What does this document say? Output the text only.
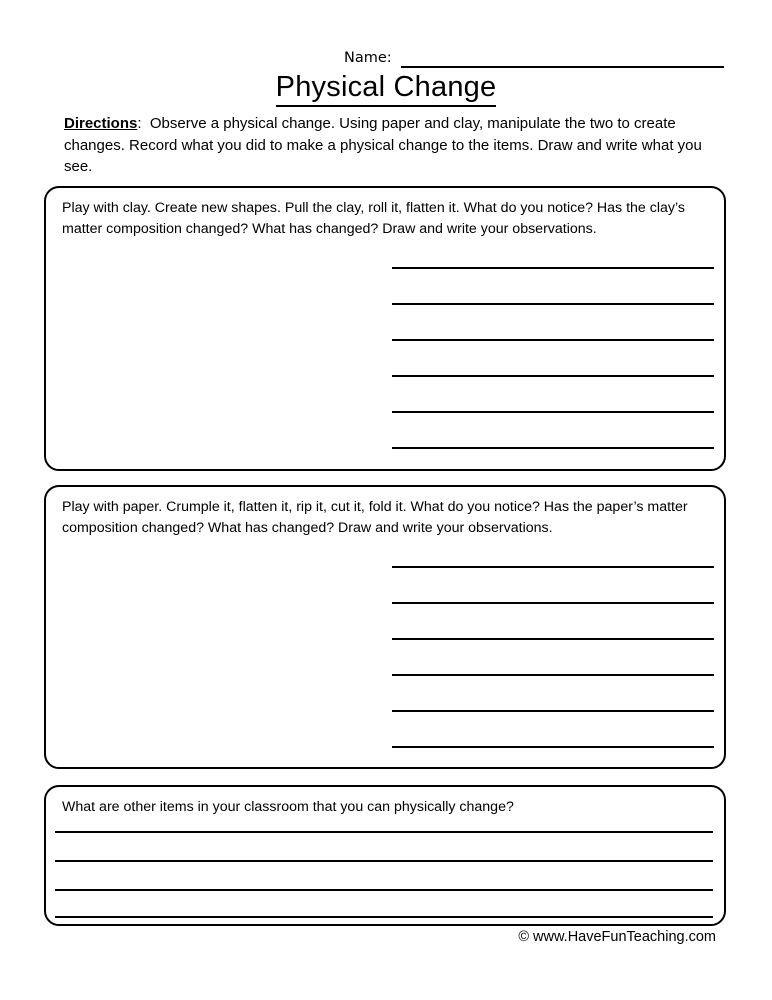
Name:
Physical Change
Directions: Observe a physical change. Using paper and clay, manipulate the two to create changes. Record what you did to make a physical change to the items. Draw and write what you see.
Play with clay. Create new shapes. Pull the clay, roll it, flatten it. What do you notice? Has the clay’s matter composition changed? What has changed? Draw and write your observations.
Play with paper. Crumple it, flatten it, rip it, cut it, fold it. What do you notice? Has the paper’s matter composition changed? What has changed? Draw and write your observations.
What are other items in your classroom that you can physically change?
© www.HaveFunTeaching.com
